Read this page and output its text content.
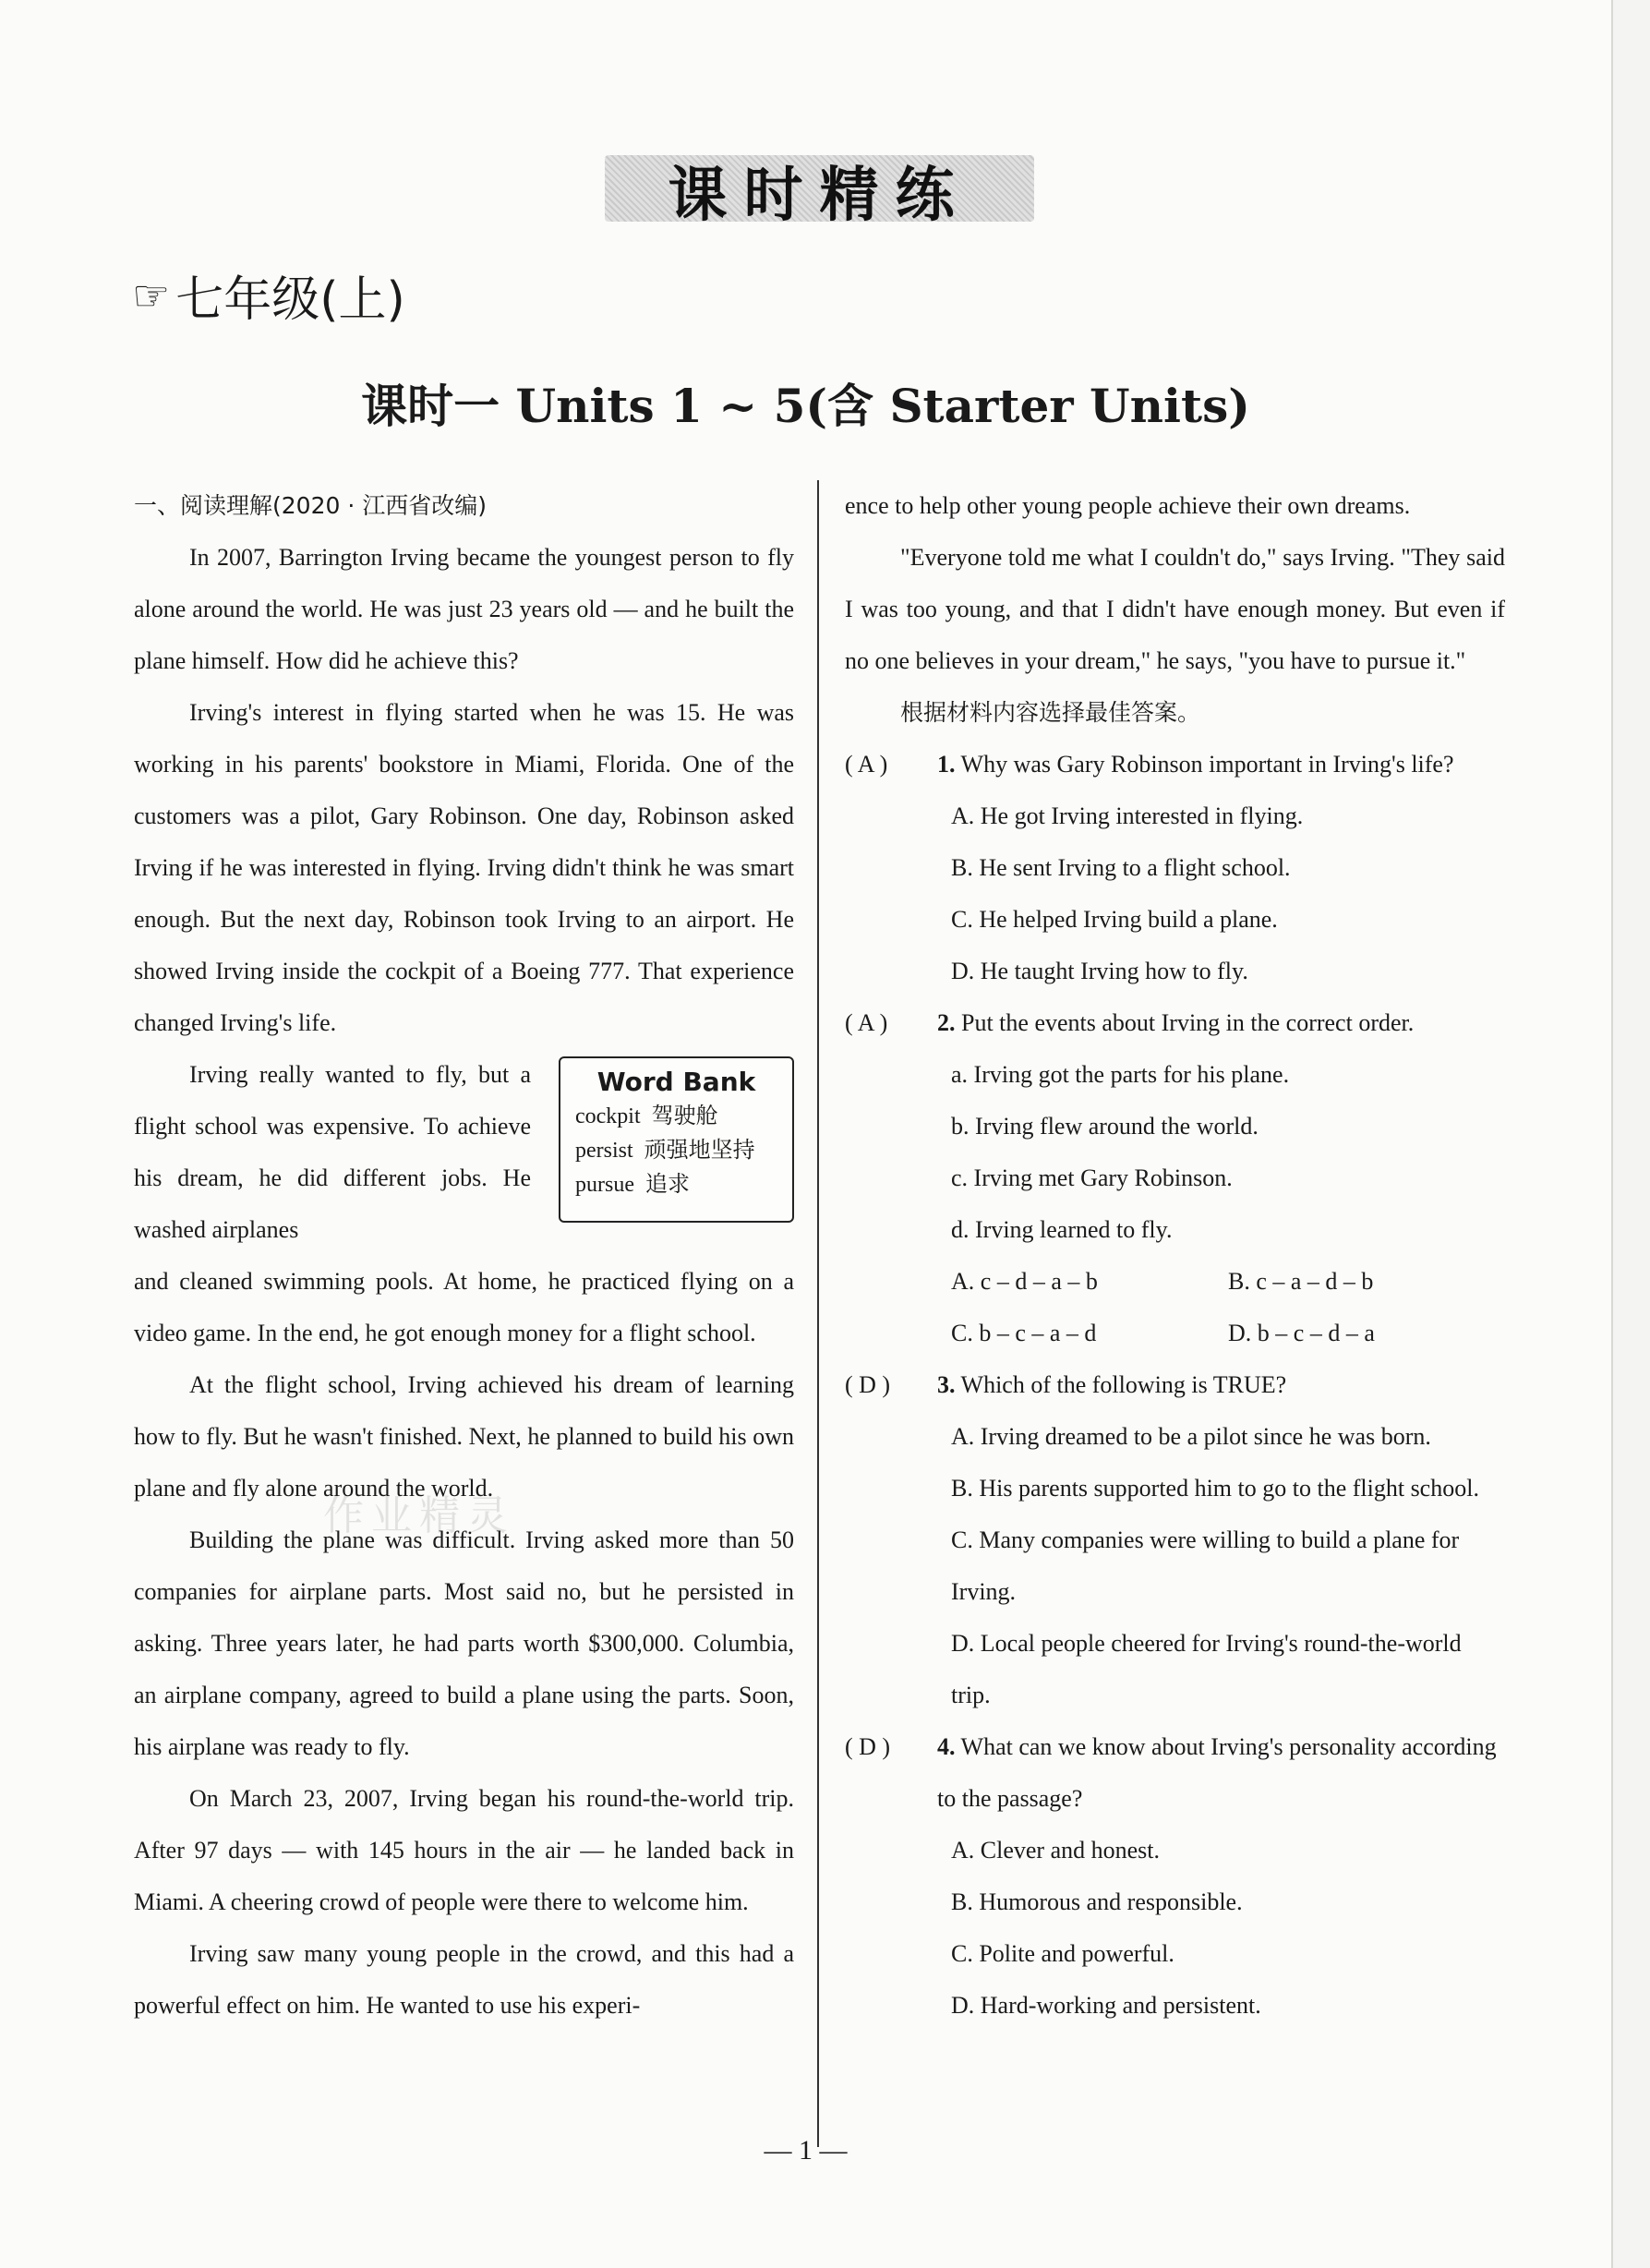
课时精练
☞ 七年级(上)
课时一 Units 1 ~ 5(含 Starter Units)
作业精灵

一、阅读理解(2020 · 江西省改编)

In 2007, Barrington Irving became the youngest person to fly alone around the world. He was just 23 years old — and he built the plane himself. How did he achieve this?

Irving's interest in flying started when he was 15. He was working in his parents' bookstore in Miami, Florida. One of the customers was a pilot, Gary Robinson. One day, Robinson asked Irving if he was interested in flying. Irving didn't think he was smart enough. But the next day, Robinson took Irving to an airport. He showed Irving inside the cockpit of a Boeing 777. That experience changed Irving's life.

Irving really wanted to fly, but a flight school was expensive. To achieve his dream, he did different jobs. He washed airplanes

Word Bank
cockpit 驾驶舱
persist 顽强地坚持
pursue 追求

and cleaned swimming pools. At home, he practiced flying on a video game. In the end, he got enough money for a flight school.

At the flight school, Irving achieved his dream of learning how to fly. But he wasn't finished. Next, he planned to build his own plane and fly alone around the world.

Building the plane was difficult. Irving asked more than 50 companies for airplane parts. Most said no, but he persisted in asking. Three years later, he had parts worth $300,000. Columbia, an airplane company, agreed to build a plane using the parts. Soon, his airplane was ready to fly.

On March 23, 2007, Irving began his round-the-world trip. After 97 days — with 145 hours in the air — he landed back in Miami. A cheering crowd of people were there to welcome him.

Irving saw many young people in the crowd, and this had a powerful effect on him. He wanted to use his experi-

ence to help other young people achieve their own dreams.

"Everyone told me what I couldn't do," says Irving. "They said I was too young, and that I didn't have enough money. But even if no one believes in your dream," he says, "you have to pursue it."

根据材料内容选择最佳答案。

( A )	1. Why was Gary Robinson important in Irving's life?

A. He got Irving interested in flying.

B. He sent Irving to a flight school.

C. He helped Irving build a plane.

D. He taught Irving how to fly.

( A )	2. Put the events about Irving in the correct order.

a. Irving got the parts for his plane.

b. Irving flew around the world.

c. Irving met Gary Robinson.

d. Irving learned to fly.

A. c – d – a – b	B. c – a – d – b
C. b – c – a – d	D. b – c – d – a
( D )	3. Which of the following is TRUE?

A. Irving dreamed to be a pilot since he was born.

B. His parents supported him to go to the flight school.

C. Many companies were willing to build a plane for Irving.

D. Local people cheered for Irving's round-the-world trip.

( D )	4. What can we know about Irving's personality according to the passage?

A. Clever and honest.

B. Humorous and responsible.

C. Polite and powerful.

D. Hard-working and persistent.

— 1 —
